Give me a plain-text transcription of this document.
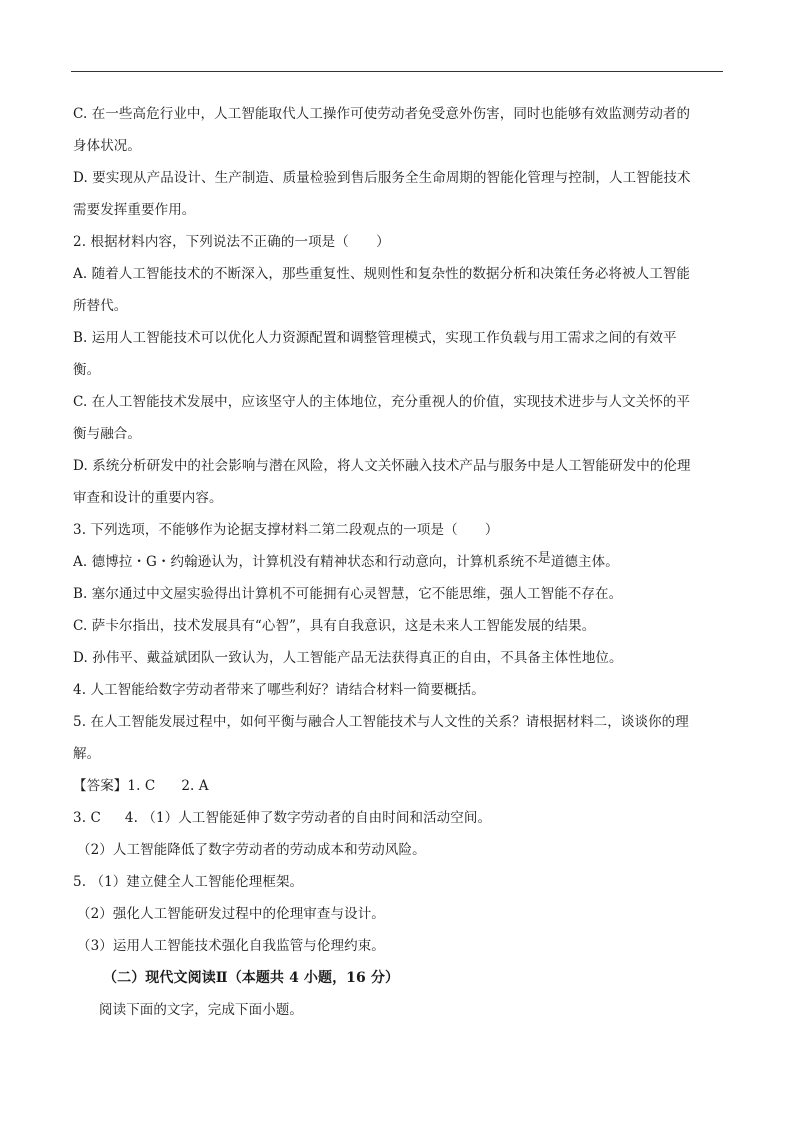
C. 在一些高危行业中，人工智能取代人工操作可使劳动者免受意外伤害，同时也能够有效监测劳动者的
身体状况。
D. 要实现从产品设计、生产制造、质量检验到售后服务全生命周期的智能化管理与控制，人工智能技术
需要发挥重要作用。
2. 根据材料内容，下列说法不正确的一项是（　　）
A. 随着人工智能技术的不断深入，那些重复性、规则性和复杂性的数据分析和决策任务必将被人工智能
所替代。
B. 运用人工智能技术可以优化人力资源配置和调整管理模式，实现工作负载与用工需求之间的有效平
衡。
C. 在人工智能技术发展中，应该坚守人的主体地位，充分重视人的价值，实现技术进步与人文关怀的平
衡与融合。
D. 系统分析研发中的社会影响与潜在风险，将人文关怀融入技术产品与服务中是人工智能研发中的伦理
审查和设计的重要内容。
3. 下列选项，不能够作为论据支撑材料二第二段观点的一项是（　　）
A. 德博拉・G・约翰逊认为，计算机没有精神状态和行动意向，计算机系统不是道德主体。
B. 塞尔通过中文屋实验得出计算机不可能拥有心灵智慧，它不能思维，强人工智能不存在。
C. 萨卡尔指出，技术发展具有“心智”，具有自我意识，这是未来人工智能发展的结果。
D. 孙伟平、戴益斌团队一致认为，人工智能产品无法获得真正的自由，不具备主体性地位。
4. 人工智能给数字劳动者带来了哪些利好？请结合材料一简要概括。
5. 在人工智能发展过程中，如何平衡与融合人工智能技术与人文性的关系？请根据材料二，谈谈你的理
解。
【答案】1. C 2. A
3. C 4. （1）人工智能延伸了数字劳动者的自由时间和活动空间。
（2）人工智能降低了数字劳动者的劳动成本和劳动风险。
5. （1）建立健全人工智能伦理框架。
（2）强化人工智能研发过程中的伦理审查与设计。
（3）运用人工智能技术强化自我监管与伦理约束。
（二）现代文阅读Ⅱ（本题共 4 小题，16 分）
阅读下面的文字，完成下面小题。
